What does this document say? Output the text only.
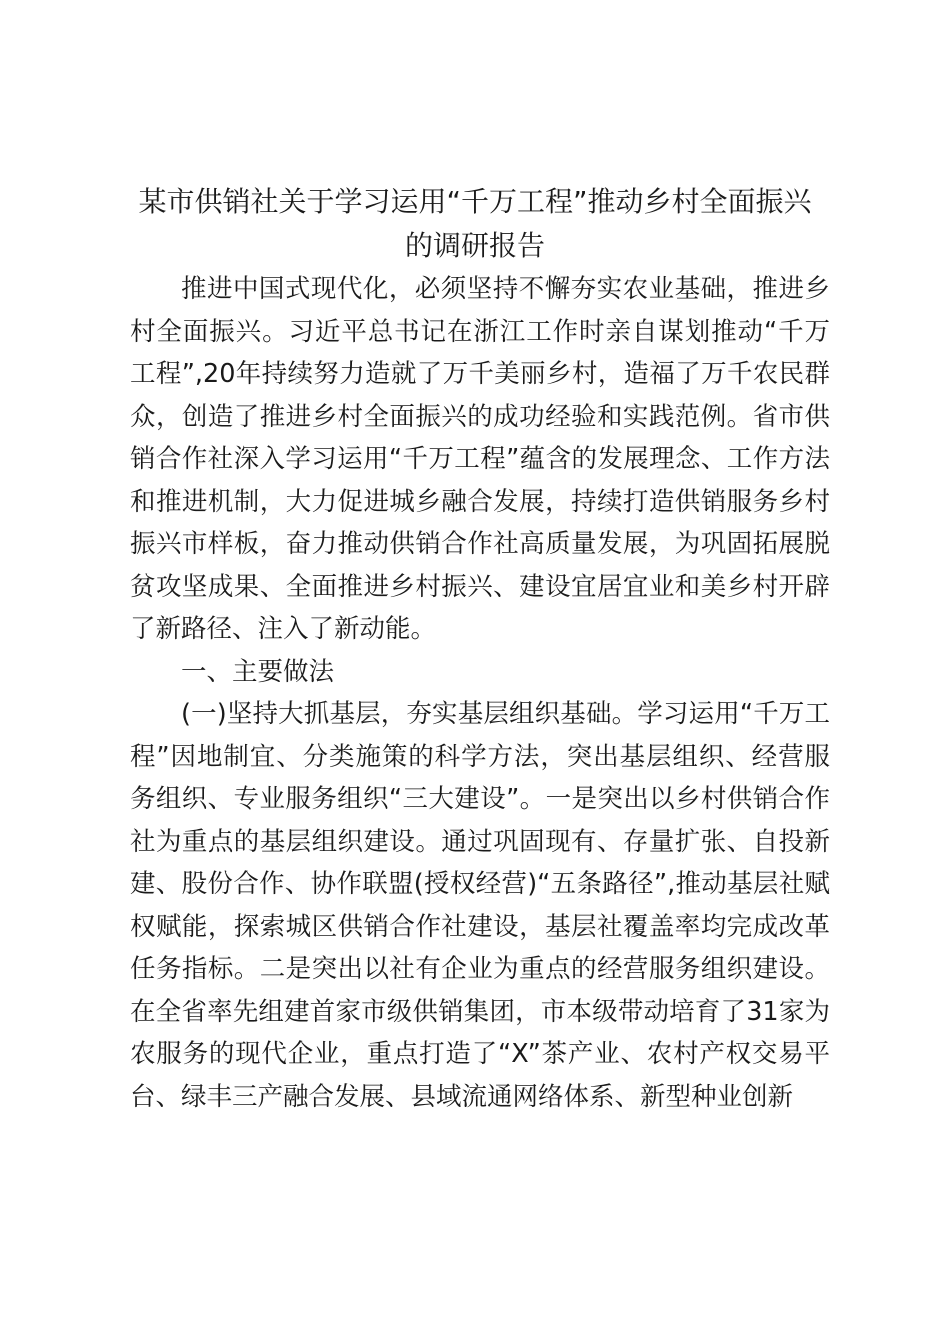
某市供销社关于学习运用“千万工程”推动乡村全面振兴
的调研报告

推进中国式现代化，必须坚持不懈夯实农业基础，推进乡村全面振兴。习近平总书记在浙江工作时亲自谋划推动“千万工程”,20年持续努力造就了万千美丽乡村，造福了万千农民群众，创造了推进乡村全面振兴的成功经验和实践范例。省市供销合作社深入学习运用“千万工程”蕴含的发展理念、工作方法和推进机制，大力促进城乡融合发展，持续打造供销服务乡村振兴市样板，奋力推动供销合作社高质量发展，为巩固拓展脱贫攻坚成果、全面推进乡村振兴、建设宜居宜业和美乡村开辟了新路径、注入了新动能。

一、主要做法

(一)坚持大抓基层，夯实基层组织基础。学习运用“千万工程”因地制宜、分类施策的科学方法，突出基层组织、经营服务组织、专业服务组织“三大建设”。一是突出以乡村供销合作社为重点的基层组织建设。通过巩固现有、存量扩张、自投新建、股份合作、协作联盟(授权经营)“五条路径”,推动基层社赋权赋能，探索城区供销合作社建设，基层社覆盖率均完成改革任务指标。二是突出以社有企业为重点的经营服务组织建设。在全省率先组建首家市级供销集团，市本级带动培育了31家为农服务的现代企业，重点打造了“X”茶产业、农村产权交易平台、绿丰三产融合发展、县域流通网络体系、新型种业创新
